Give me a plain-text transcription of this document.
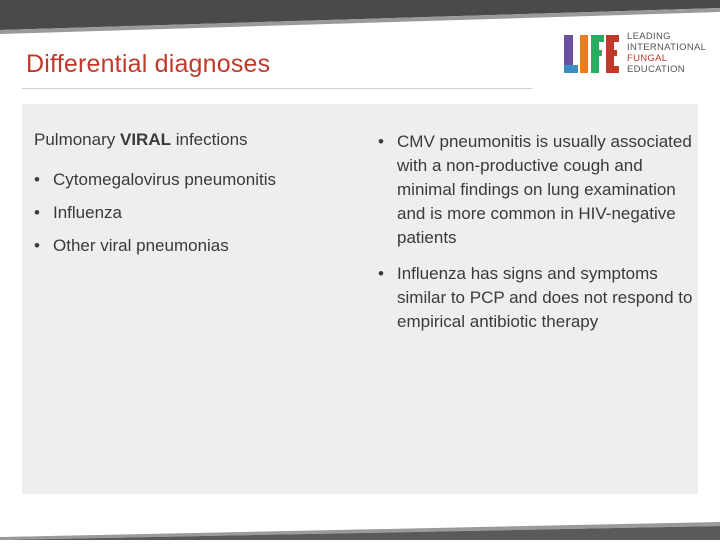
Differential diagnoses
LEADING
INTERNATIONAL
FUNGAL
EDUCATION
Pulmonary VIRAL infections
• Cytomegalovirus pneumonitis
• Influenza
• Other viral pneumonias
• CMV pneumonitis is usually associated with a non-productive cough and minimal findings on lung examination and is more common in HIV-negative patients
• Influenza has signs and symptoms similar to PCP and does not respond to empirical antibiotic therapy
